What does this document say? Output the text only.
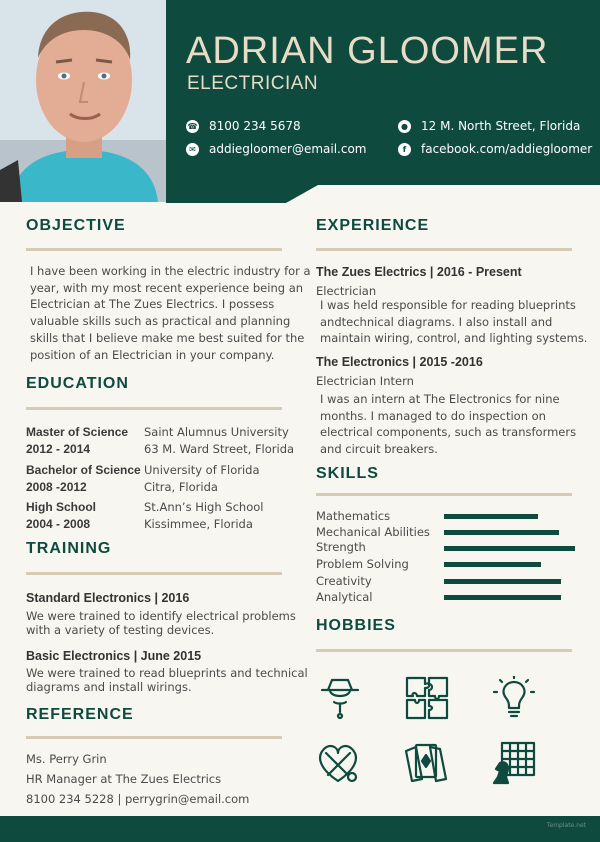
ADRIAN GLOOMER
ELECTRICIAN
☎ 8100 234 5678
✉ addiegloomer@email.com
● 12 M. North Street, Florida
f	facebook.com/addiegloomer
OBJECTIVE
I have been working in the electric industry for a
year, with my most recent experience being an
Electrician at The Zues Electrics. I possess
valuable skills such as practical and planning
skills that I believe make me best suited for the
position of an Electrician in your company.
EDUCATION
Master of Science
2012 - 2014
Saint Alumnus University
63 M. Ward Street, Florida
Bachelor of Science
2008 -2012
University of Florida
Citra, Florida
High School
2004 - 2008
St.Ann’s High School
Kissimmee, Florida
TRAINING
Standard Electronics | 2016
We were trained to identify electrical problems
with a variety of testing devices.
Basic Electronics | June 2015
We were trained to read blueprints and technical
diagrams and install wirings.
REFERENCE
Ms. Perry Grin
HR Manager at The Zues Electrics
8100 234 5228 | perrygrin@email.com
EXPERIENCE
The Zues Electrics | 2016 - Present
Electrician
I was held responsible for reading blueprints
andtechnical diagrams. I also install and
maintain wiring, control, and lighting systems.
The Electronics | 2015 -2016
Electrician Intern
I was an intern at The Electronics for nine
months. I managed to do inspection on
electrical components, such as transformers
and circuit breakers.
SKILLS
Mathematics
Mechanical Abilities
Strength
Problem Solving
Creativity
Analytical
HOBBIES
Template.net
